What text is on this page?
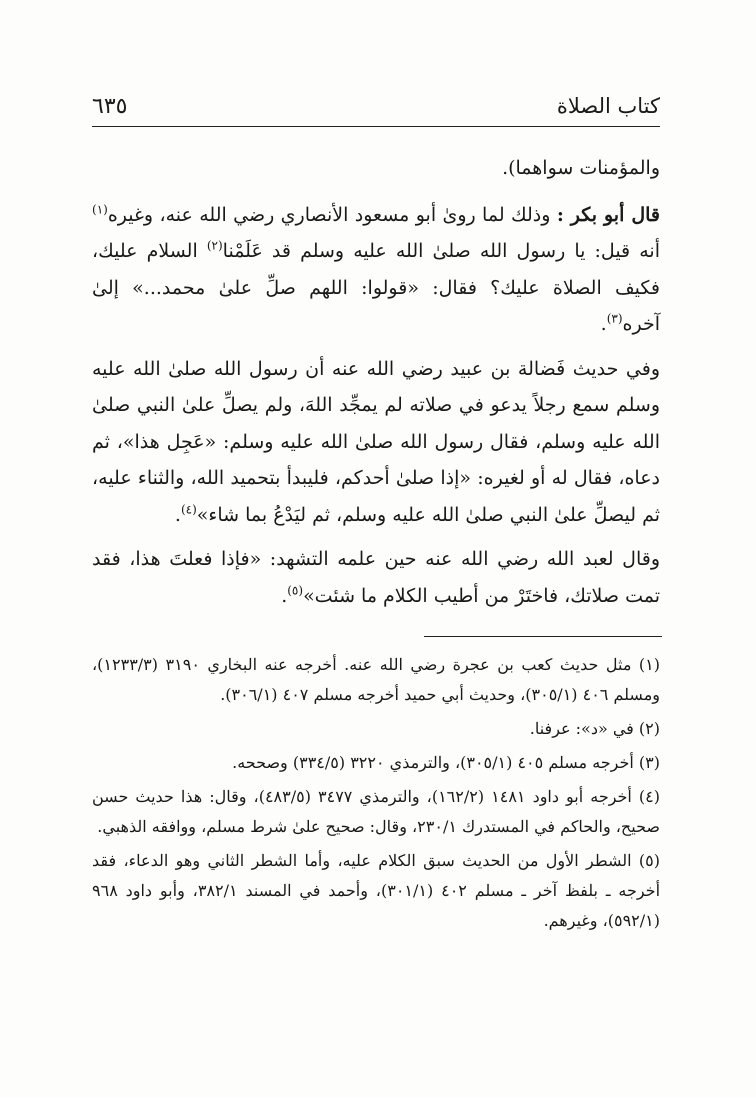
كتاب الصلاة
٦٣٥

والمؤمنات سواهما).

قال أبو بكر : وذلك لما روىٰ أبو مسعود الأنصاري رضي الله عنه، وغيره$^{(١)}$ أنه قيل: يا رسول الله صلىٰ الله عليه وسلم قد عَلَمْنا$^{(٢)}$ السلام عليك، فكيف الصلاة عليك؟ فقال: «قولوا: اللهم صلِّ علىٰ محمد...» إلىٰ آخره$^{(٣)}$.

وفي حديث فَضالة بن عبيد رضي الله عنه أن رسول الله صلىٰ الله عليه وسلم سمع رجلاً يدعو في صلاته لم يمجِّد اللهَ، ولم يصلِّ علىٰ النبي صلىٰ الله عليه وسلم، فقال رسول الله صلىٰ الله عليه وسلم: «عَجِل هذا»، ثم دعاه، فقال له أو لغيره: «إذا صلىٰ أحدكم، فليبدأ بتحميد الله، والثناء عليه، ثم ليصلِّ علىٰ النبي صلىٰ الله عليه وسلم، ثم ليَدْعُ بما شاء»$^{(٤)}$.

وقال لعبد الله رضي الله عنه حين علمه التشهد: «فإذا فعلتَ هذا، فقد تمت صلاتك، فاختَرْ من أطيب الكلام ما شئت»$^{(٥)}$.

(١) مثل حديث كعب بن عجرة رضي الله عنه. أخرجه عنه البخاري ٣١٩٠ (١٢٣٣/٣)، ومسلم ٤٠٦ (٣٠٥/١)، وحديث أبي حميد أخرجه مسلم ٤٠٧ (٣٠٦/١).

(٢) في «د»: عرفنا.

(٣) أخرجه مسلم ٤٠٥ (٣٠٥/١)، والترمذي ٣٢٢٠ (٣٣٤/٥) وصححه.

(٤) أخرجه أبو داود ١٤٨١ (١٦٢/٢)، والترمذي ٣٤٧٧ (٤٨٣/٥)، وقال: هذا حديث حسن صحيح، والحاكم في المستدرك ٢٣٠/١، وقال: صحيح علىٰ شرط مسلم، ووافقه الذهبي.

(٥) الشطر الأول من الحديث سبق الكلام عليه، وأما الشطر الثاني وهو الدعاء، فقد أخرجه ـ بلفظ آخر ـ مسلم ٤٠٢ (٣٠١/١)، وأحمد في المسند ٣٨٢/١، وأبو داود ٩٦٨ (٥٩٢/١)، وغيرهم.
